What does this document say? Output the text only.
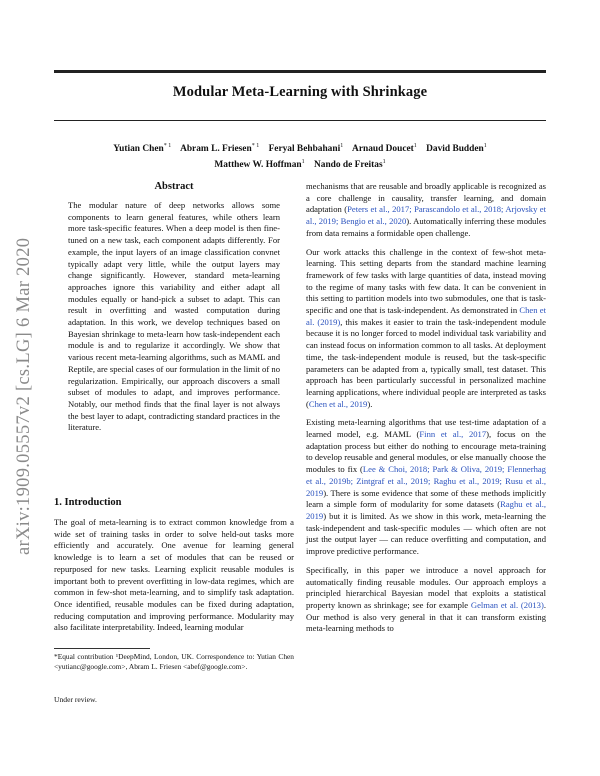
Modular Meta-Learning with Shrinkage
Yutian Chen$^{* 1}$ Abram L. Friesen$^{* 1}$ Feryal Behbahani$^1$ Arnaud Doucet$^1$ David Budden$^1$
Matthew W. Hoffman$^1$ Nando de Freitas$^1$
arXiv:1909.05557v2 [cs.LG] 6 Mar 2020
Abstract
The modular nature of deep networks allows some components to learn general features, while others learn more task-specific features. When a deep model is then fine-tuned on a new task, each component adapts differently. For example, the input layers of an image classification convnet typically adapt very little, while the output layers may change significantly. However, standard meta-learning approaches ignore this variability and either adapt all modules equally or hand-pick a subset to adapt. This can result in overfitting and wasted computation during adaptation. In this work, we develop techniques based on Bayesian shrinkage to meta-learn how task-independent each module is and to regularize it accordingly. We show that various recent meta-learning algorithms, such as MAML and Reptile, are special cases of our formulation in the limit of no regularization. Empirically, our approach discovers a small subset of modules to adapt, and improves performance. Notably, our method finds that the final layer is not always the best layer to adapt, contradicting standard practices in the literature.
1. Introduction
The goal of meta-learning is to extract common knowledge from a wide set of training tasks in order to solve held-out tasks more efficiently and accurately. One avenue for learning general knowledge is to learn a set of modules that can be reused or repurposed for new tasks. Learning explicit reusable modules is important both to prevent overfitting in low-data regimes, which are common in few-shot meta-learning, and to simplify task adaptation. Once identified, reusable modules can be fixed during adaptation, reducing computation and improving performance. Modularity may also facilitate interpretability. Indeed, learning modular
*Equal contribution ¹DeepMind, London, UK. Correspondence to: Yutian Chen <yutianc@google.com>, Abram L. Friesen <abef@google.com>.
Under review.

mechanisms that are reusable and broadly applicable is recognized as a core challenge in causality, transfer learning, and domain adaptation (Peters et al., 2017; Parascandolo et al., 2018; Arjovsky et al., 2019; Bengio et al., 2020). Automatically inferring these modules from data remains a formidable open challenge.

Our work attacks this challenge in the context of few-shot meta-learning. This setting departs from the standard machine learning framework of few tasks with large quantities of data, instead moving to the regime of many tasks with few data. It can be convenient in this setting to partition models into two submodules, one that is task-specific and one that is task-independent. As demonstrated in Chen et al. (2019), this makes it easier to train the task-independent module because it is no longer forced to model individual task variability and can instead focus on information common to all tasks. At deployment time, the task-independent module is reused, but the task-specific parameters can be adapted from a, typically small, test dataset. This approach has been particularly successful in personalized machine learning applications, where individual people are interpreted as tasks (Chen et al., 2019).

Existing meta-learning algorithms that use test-time adaptation of a learned model, e.g. MAML (Finn et al., 2017), focus on the adaptation process but either do nothing to encourage meta-training to develop reusable and general modules, or else manually choose the modules to fix (Lee & Choi, 2018; Park & Oliva, 2019; Flennerhag et al., 2019b; Zintgraf et al., 2019; Raghu et al., 2019; Rusu et al., 2019). There is some evidence that some of these methods implicitly learn a simple form of modularity for some datasets (Raghu et al., 2019) but it is limited. As we show in this work, meta-learning the task-independent and task-specific modules — which often are not just the output layer — can reduce overfitting and computation, and improve predictive performance.

Specifically, in this paper we introduce a novel approach for automatically finding reusable modules. Our approach employs a principled hierarchical Bayesian model that exploits a statistical property known as shrinkage; see for example Gelman et al. (2013). Our method is also very general in that it can transform existing meta-learning methods to
